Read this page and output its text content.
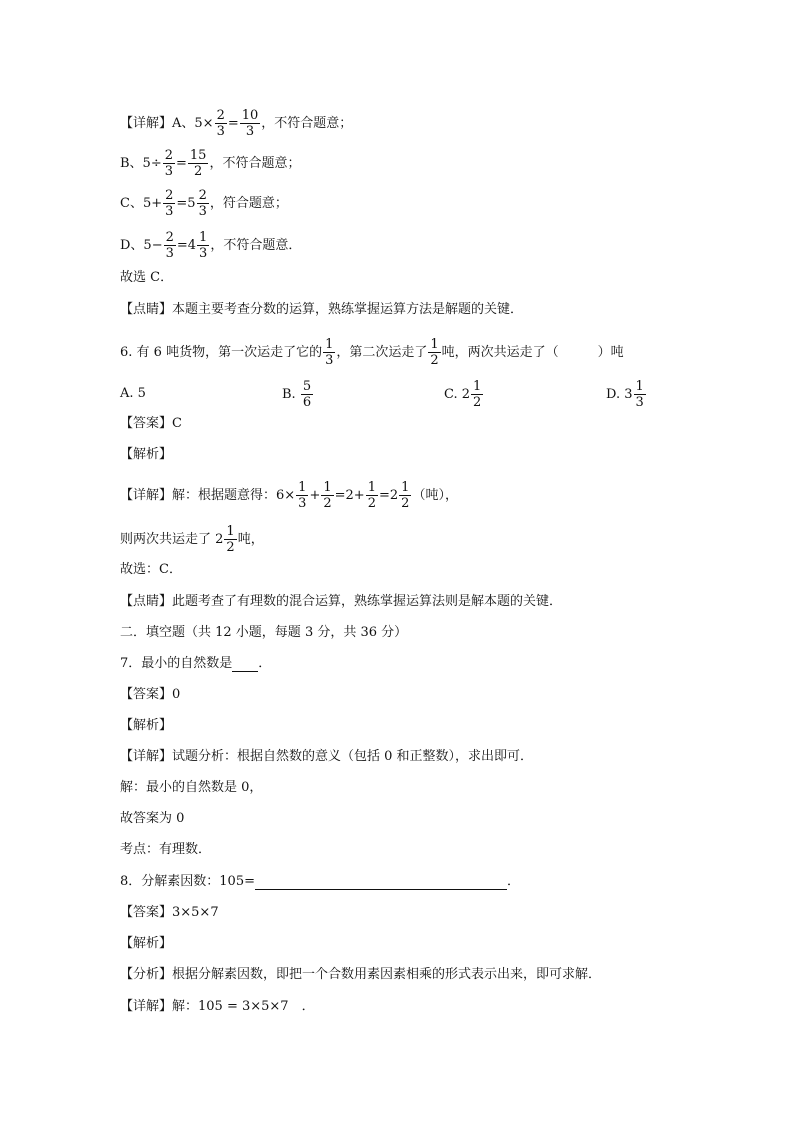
【详解】A、$5\times \frac{2}{3} = \frac{10}{3}$ ，不符合题意；
B、$5\div \frac{2}{3} = \frac{15}{2}$ ，不符合题意；
C、$5+ \frac{2}{3} =5 \frac{2}{3}$ ，符合题意；
D、$5- \frac{2}{3} =4 \frac{1}{3}$ ，不符合题意．
故选 C．
【点睛】本题主要考查分数的运算，熟练掌握运算方法是解题的关键．
6. 有 6 吨货物，第一次运走了它的 $\frac{1}{3}$ ，第二次运走了 $\frac{1}{2}$ 吨，两次共运走了（　　　）吨
A. 5	B.
$\frac{5}{6}$	C.
$2 \frac{1}{2}$	D.
$3 \frac{1}{3}$
【答案】C
【解析】
【详解】解：根据题意得：$6\times \frac{1}{3} + \frac{1}{2} =2+ \frac{1}{2} =2 \frac{1}{2}$ （吨），
则两次共运走了 $2 \frac{1}{2}$ 吨，
故选：C．
【点睛】此题考查了有理数的混合运算，熟练掌握运算法则是解本题的关键．
二．填空题（共 12 小题，每题 3 分，共 36 分）
7．最小的自然数是 ．
【答案】0
【解析】
【详解】试题分析：根据自然数的意义（包括 0 和正整数），求出即可．
解：最小的自然数是 0，
故答案为 0
考点：有理数．
8．分解素因数：105=	．
【答案】3×5×7
【解析】
【分析】根据分解素因数，即把一个合数用素因素相乘的形式表示出来，即可求解．
【详解】解：105 = 3×5×7　．
